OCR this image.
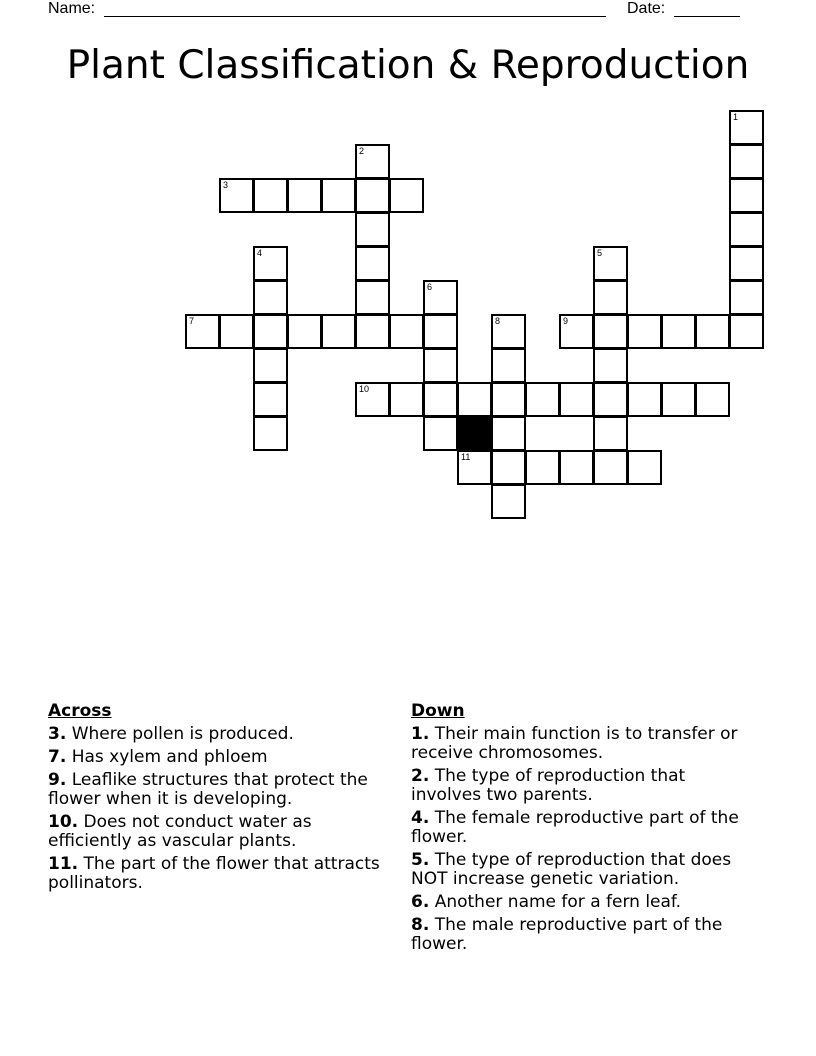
Name:	Date:
Plant Classification & Reproduction
1
2
3
4	5
6
7	8	9
10
11
Across
3. Where pollen is produced.
7. Has xylem and phloem
9. Leaflike structures that protect the flower when it is developing.
10. Does not conduct water as efficiently as vascular plants.
11. The part of the flower that attracts pollinators.
Down
1. Their main function is to transfer or receive chromosomes.
2. The type of reproduction that involves two parents.
4. The female reproductive part of the flower.
5. The type of reproduction that does NOT increase genetic variation.
6. Another name for a fern leaf.
8. The male reproductive part of the flower.
